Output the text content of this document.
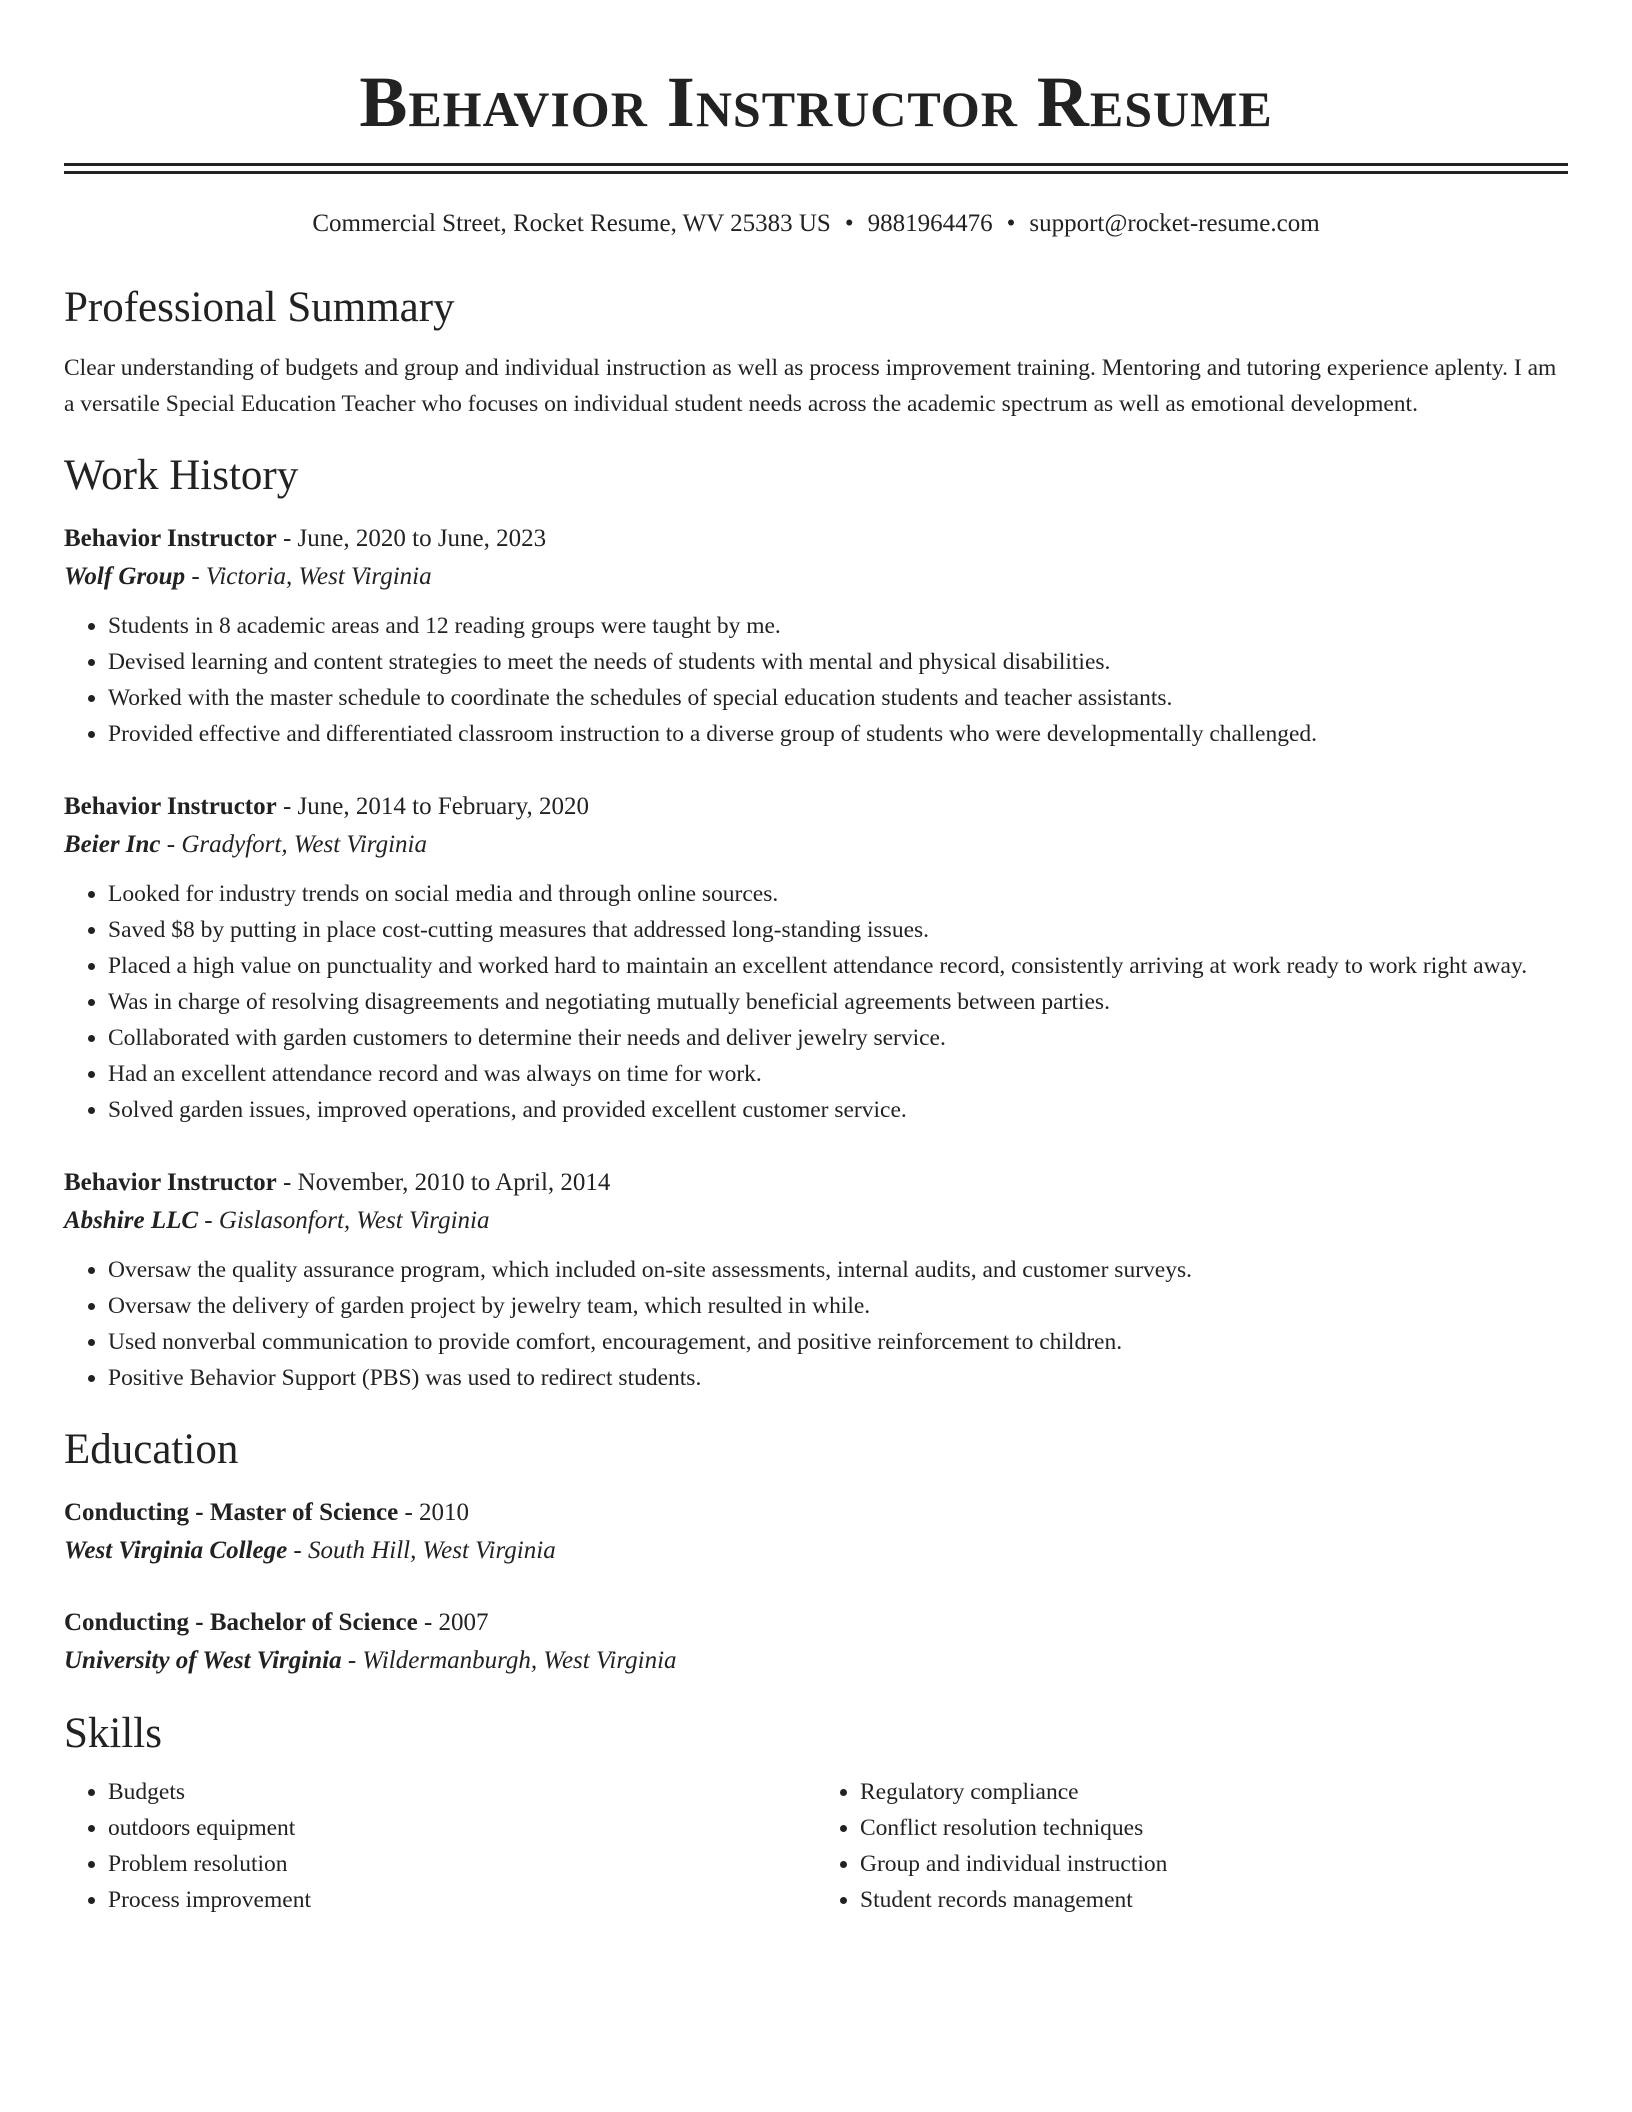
Behavior Instructor Resume
Commercial Street, Rocket Resume, WV 25383 US • 9881964476 • support@rocket-resume.com
Professional Summary

Clear understanding of budgets and group and individual instruction as well as process improvement training. Mentoring and tutoring experience aplenty. I am a versatile Special Education Teacher who focuses on individual student needs across the academic spectrum as well as emotional development.

Work History
Behavior Instructor - June, 2020 to June, 2023
Wolf Group - Victoria, West Virginia
• Students in 8 academic areas and 12 reading groups were taught by me.
• Devised learning and content strategies to meet the needs of students with mental and physical disabilities.
• Worked with the master schedule to coordinate the schedules of special education students and teacher assistants.
• Provided effective and differentiated classroom instruction to a diverse group of students who were developmentally challenged.
Behavior Instructor - June, 2014 to February, 2020
Beier Inc - Gradyfort, West Virginia
• Looked for industry trends on social media and through online sources.
• Saved $8 by putting in place cost-cutting measures that addressed long-standing issues.
• Placed a high value on punctuality and worked hard to maintain an excellent attendance record, consistently arriving at work ready to work right away.
• Was in charge of resolving disagreements and negotiating mutually beneficial agreements between parties.
• Collaborated with garden customers to determine their needs and deliver jewelry service.
• Had an excellent attendance record and was always on time for work.
• Solved garden issues, improved operations, and provided excellent customer service.
Behavior Instructor - November, 2010 to April, 2014
Abshire LLC - Gislasonfort, West Virginia
• Oversaw the quality assurance program, which included on-site assessments, internal audits, and customer surveys.
• Oversaw the delivery of garden project by jewelry team, which resulted in while.
• Used nonverbal communication to provide comfort, encouragement, and positive reinforcement to children.
• Positive Behavior Support (PBS) was used to redirect students.
Education
Conducting - Master of Science - 2010
West Virginia College - South Hill, West Virginia
Conducting - Bachelor of Science - 2007
University of West Virginia - Wildermanburgh, West Virginia
Skills
• Budgets
• outdoors equipment
• Problem resolution
• Process improvement
• Regulatory compliance
• Conflict resolution techniques
• Group and individual instruction
• Student records management
